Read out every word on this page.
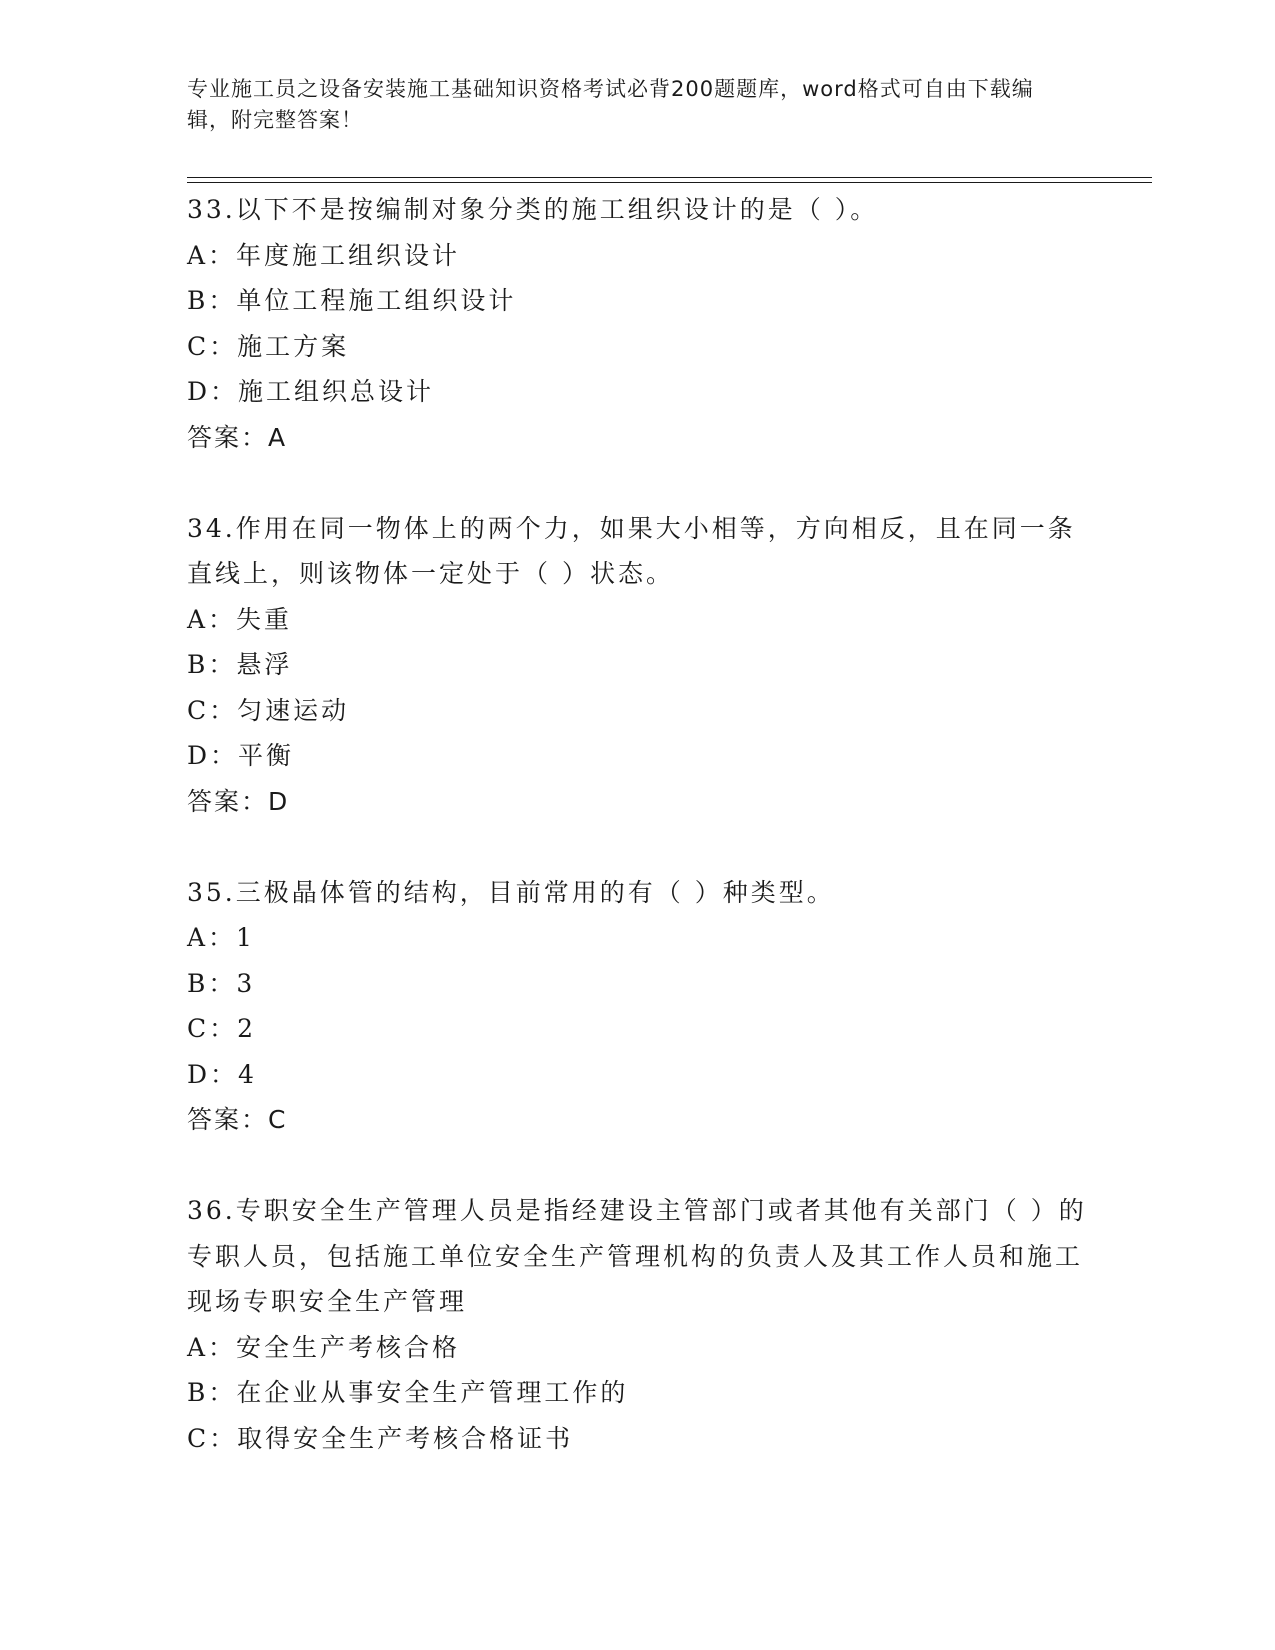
专业施工员之设备安装施工基础知识资格考试必背200题题库，word格式可自由下载编辑，附完整答案！
33.以下不是按编制对象分类的施工组织设计的是（ ）。
A：年度施工组织设计
B：单位工程施工组织设计
C：施工方案
D：施工组织总设计
答案：A
34.作用在同一物体上的两个力，如果大小相等，方向相反，且在同一条直线上，则该物体一定处于（ ）状态。
A：失重
B：悬浮
C：匀速运动
D：平衡
答案：D
35.三极晶体管的结构，目前常用的有（ ）种类型。
A：1
B：3
C：2
D：4
答案：C
36.专职安全生产管理人员是指经建设主管部门或者其他有关部门（ ）的专职人员，包括施工单位安全生产管理机构的负责人及其工作人员和施工现场专职安全生产管理
A：安全生产考核合格
B：在企业从事安全生产管理工作的
C：取得安全生产考核合格证书
